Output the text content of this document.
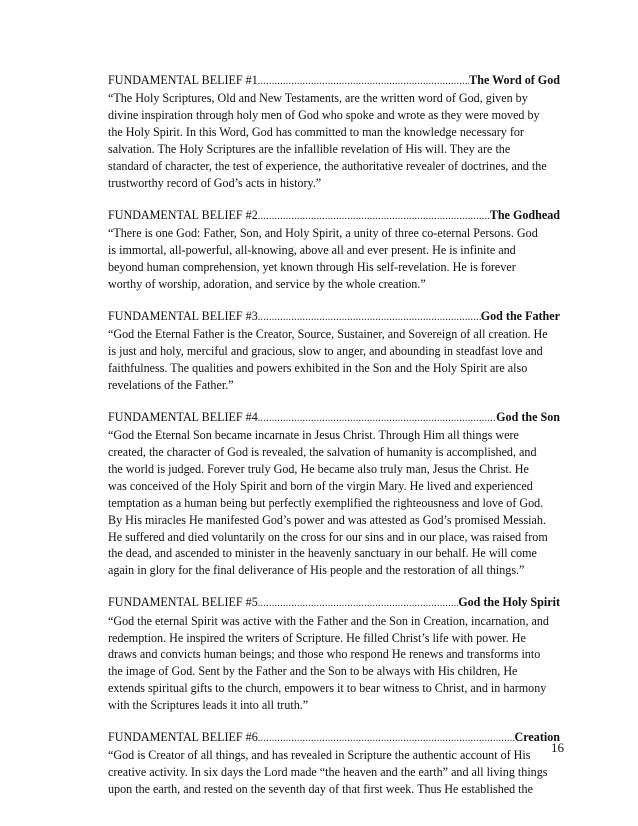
FUNDAMENTAL BELIEF #1 .....	The Word of God

“The Holy Scriptures, Old and New Testaments, are the written word of God, given by
divine inspiration through holy men of God who spoke and wrote as they were moved by
the Holy Spirit. In this Word, God has committed to man the knowledge necessary for
salvation. The Holy Scriptures are the infallible revelation of His will. They are the
standard of character, the test of experience, the authoritative revealer of doctrines, and the
trustworthy record of God’s acts in history.”

FUNDAMENTAL BELIEF #2 .....	The Godhead

“There is one God: Father, Son, and Holy Spirit, a unity of three co-eternal Persons. God
is immortal, all-powerful, all-knowing, above all and ever present. He is infinite and
beyond human comprehension, yet known through His self-revelation. He is forever
worthy of worship, adoration, and service by the whole creation.”

FUNDAMENTAL BELIEF #3 .....	God the Father

“God the Eternal Father is the Creator, Source, Sustainer, and Sovereign of all creation. He
is just and holy, merciful and gracious, slow to anger, and abounding in steadfast love and
faithfulness. The qualities and powers exhibited in the Son and the Holy Spirit are also
revelations of the Father.”

FUNDAMENTAL BELIEF #4 .....	God the Son

“God the Eternal Son became incarnate in Jesus Christ. Through Him all things were
created, the character of God is revealed, the salvation of humanity is accomplished, and
the world is judged. Forever truly God, He became also truly man, Jesus the Christ. He
was conceived of the Holy Spirit and born of the virgin Mary. He lived and experienced
temptation as a human being but perfectly exemplified the righteousness and love of God.
By His miracles He manifested God’s power and was attested as God’s promised Messiah.
He suffered and died voluntarily on the cross for our sins and in our place, was raised from
the dead, and ascended to minister in the heavenly sanctuary in our behalf. He will come
again in glory for the final deliverance of His people and the restoration of all things.”

FUNDAMENTAL BELIEF #5 .....	God the Holy Spirit

“God the eternal Spirit was active with the Father and the Son in Creation, incarnation, and
redemption. He inspired the writers of Scripture. He filled Christ’s life with power. He
draws and convicts human beings; and those who respond He renews and transforms into
the image of God. Sent by the Father and the Son to be always with His children, He
extends spiritual gifts to the church, empowers it to bear witness to Christ, and in harmony
with the Scriptures leads it into all truth.”

FUNDAMENTAL BELIEF #6 .....	Creation

“God is Creator of all things, and has revealed in Scripture the authentic account of His
creative activity. In six days the Lord made “the heaven and the earth” and all living things
upon the earth, and rested on the seventh day of that first week. Thus He established the

16
